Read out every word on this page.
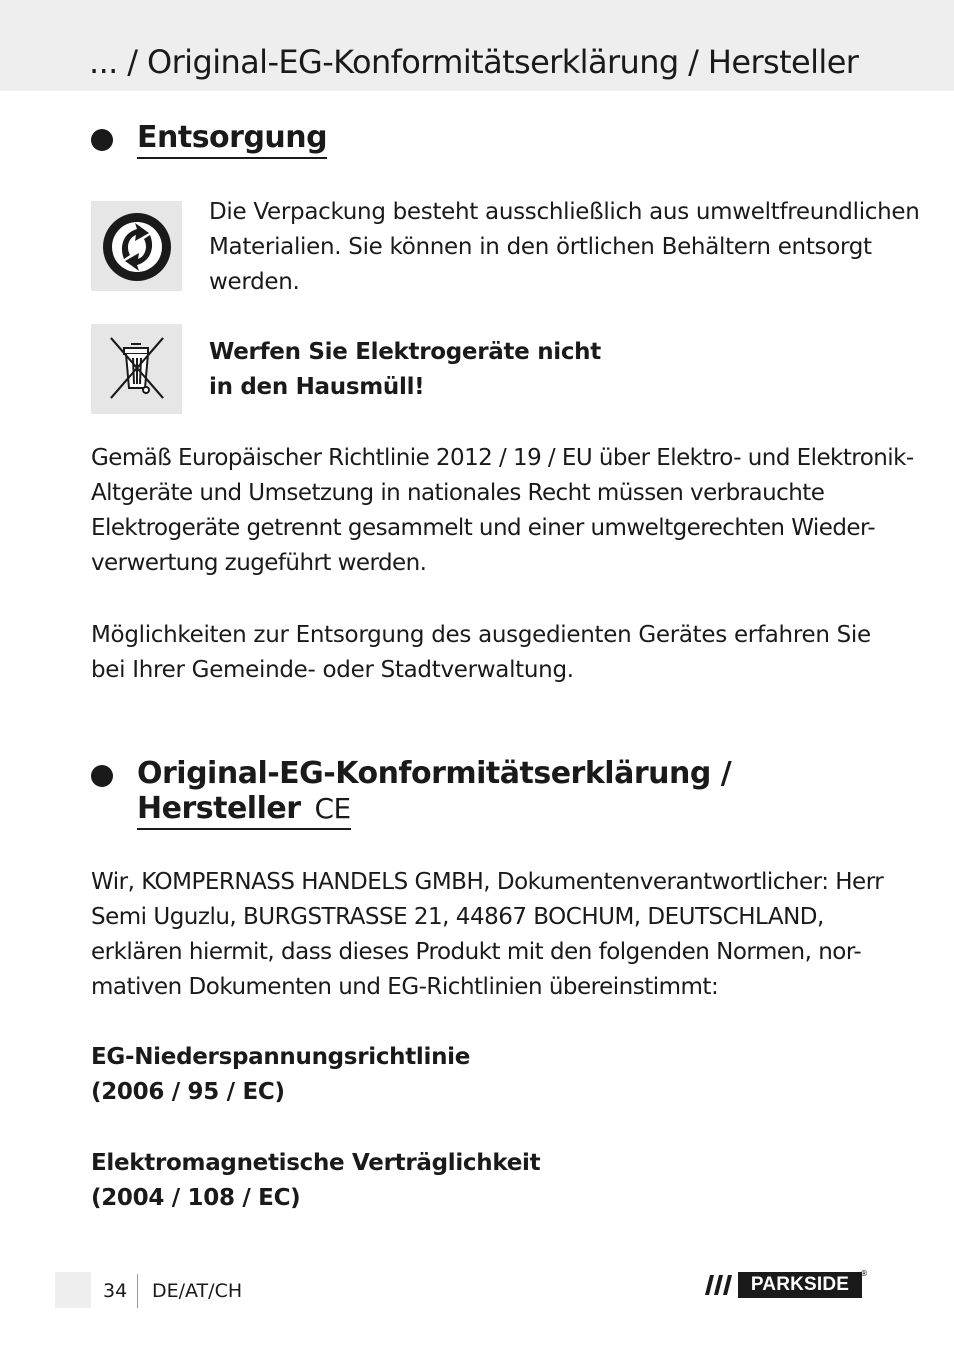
... / Original-EG-Konformitätserklärung / Hersteller
Entsorgung
Die Verpackung besteht ausschließlich aus umweltfreundlichen
Materialien. Sie können in den örtlichen Behältern entsorgt
werden.
Werfen Sie Elektrogeräte nicht
in den Hausmüll!
Gemäß Europäischer Richtlinie 2012 / 19 / EU über Elektro- und Elektronik-
Altgeräte und Umsetzung in nationales Recht müssen verbrauchte
Elektrogeräte getrennt gesammelt und einer umweltgerechten Wieder-
verwertung zugeführt werden.
Möglichkeiten zur Entsorgung des ausgedienten Gerätes erfahren Sie
bei Ihrer Gemeinde- oder Stadtverwaltung.
Original-EG-Konformitätserklärung /
Hersteller CE
Wir, KOMPERNASS HANDELS GMBH, Dokumentenverantwortlicher: Herr
Semi Uguzlu, BURGSTRASSE 21, 44867 BOCHUM, DEUTSCHLAND,
erklären hiermit, dass dieses Produkt mit den folgenden Normen, nor-
mativen Dokumenten und EG-Richtlinien übereinstimmt:
EG-Niederspannungsrichtlinie
(2006 / 95 / EC)
Elektromagnetische Verträglichkeit
(2004 / 108 / EC)
34 DE/AT/CH	PARKSIDE
®
